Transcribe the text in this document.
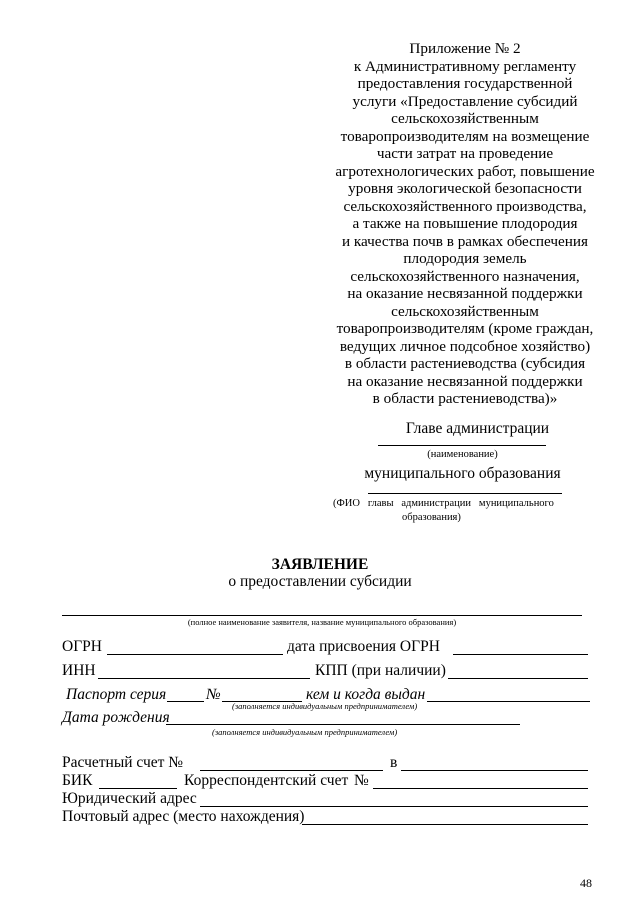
Приложение № 2
к Административному регламенту
предоставления государственной
услуги «Предоставление субсидий
сельскохозяйственным
товаропроизводителям на возмещение
части затрат на проведение
агротехнологических работ, повышение
уровня экологической безопасности
сельскохозяйственного производства,
а также на повышение плодородия
и качества почв в рамках обеспечения
плодородия земель
сельскохозяйственного назначения,
на оказание несвязанной поддержки
сельскохозяйственным
товаропроизводителям (кроме граждан,
ведущих личное подсобное хозяйство)
в области растениеводства (субсидия
на оказание несвязанной поддержки
в области растениеводства)»
Главе администрации
(наименование)
муниципального образования
(ФИО   главы   администрации   муниципального
образования)
ЗАЯВЛЕНИЕ
о предоставлении субсидии
(полное наименование заявителя, название муниципального образования)
ОГРН	дата присвоения ОГРН
ИНН	КПП (при наличии)
Паспорт серия	№	кем и когда выдан
(заполняется индивидуальным предпринимателем)
Дата рождения
(заполняется индивидуальным предпринимателем)
Расчетный счет №	в
БИК	Корреспондентский счет №
Юридический адрес
Почтовый адрес (место нахождения)
48
